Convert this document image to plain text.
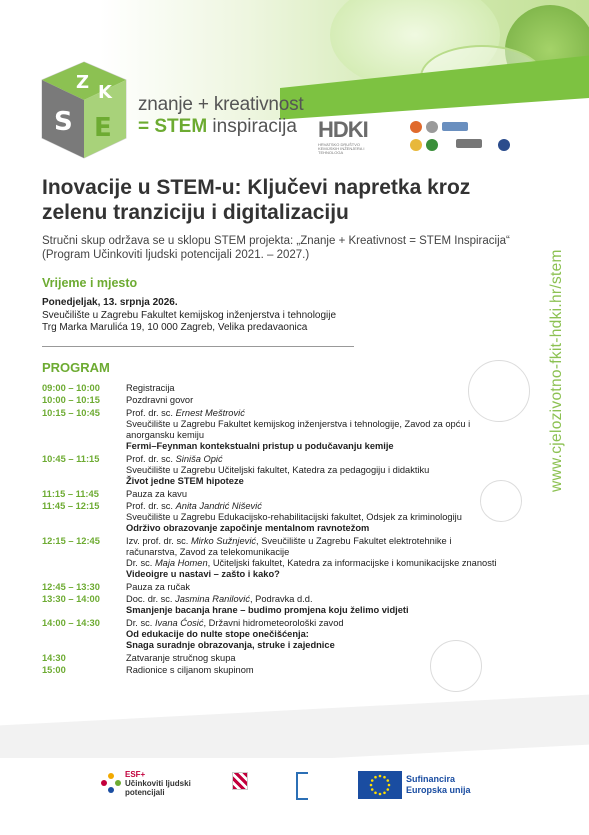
Z K
S E
znanje + kreativnost
= STEM inspiracija HDKI
HRVATSKO DRUŠTVO KEMIJSKIH INŽENJERA I TEHNOLOGA
Inovacije u STEM-u: Ključevi napretka kroz zelenu tranziciju i digitalizaciju
Stručni skup održava se u sklopu STEM projekta: „Znanje + Kreativnost = STEM Inspiracija“ (Program Učinkoviti ljudski potencijali 2021. – 2027.)
Vrijeme i mjesto
Ponedjeljak, 13. srpnja 2026.
Sveučilište u Zagrebu Fakultet kemijskog inženjerstva i tehnologije
Trg Marka Marulića 19, 10 000 Zagreb, Velika predavaonica
PROGRAM
09:00 – 10:00	Registracija
10:00 – 10:15	Pozdravni govor
10:15 – 10:45	Prof. dr. sc. Ernest Meštrović
Sveučilište u Zagrebu Fakultet kemijskog inženjerstva i tehnologije, Zavod za opću i
anorgansku kemiju
Fermi–Feynman kontekstualni pristup u podučavanju kemije
10:45 – 11:15	Prof. dr. sc. Siniša Opić
Sveučilište u Zagrebu Učiteljski fakultet, Katedra za pedagogiju i didaktiku
Život jedne STEM hipoteze
11:15 – 11:45	Pauza za kavu
11:45 – 12:15	Prof. dr. sc. Anita Jandrić Nišević
Sveučilište u Zagrebu Edukacijsko-rehabilitacijski fakultet, Odsjek za kriminologiju
Održivo obrazovanje započinje mentalnom ravnotežom
12:15 – 12:45	Izv. prof. dr. sc. Mirko Sužnjević, Sveučilište u Zagrebu Fakultet elektrotehnike i
računarstva, Zavod za telekomunikacije
Dr. sc. Maja Homen, Učiteljski fakultet, Katedra za informacijske i komunikacijske znanosti
Videoigre u nastavi – zašto i kako?
12:45 – 13:30	Pauza za ručak
13:30 – 14:00	Doc. dr. sc. Jasmina Ranilović, Podravka d.d.
Smanjenje bacanja hrane – budimo promjena koju želimo vidjeti
14:00 – 14:30	Dr. sc. Ivana Ćosić, Državni hidrometeorološki zavod
Od edukacije do nulte stope onečišćenja:
Snaga suradnje obrazovanja, struke i zajednice
14:30	Zatvaranje stručnog skupa
15:00	Radionice s ciljanom skupinom
www.cjelozivotno-fkit-hdki.hr/stem
ESF+
Učinkoviti ljudski
potencijali
Sufinancira
Europska unija
